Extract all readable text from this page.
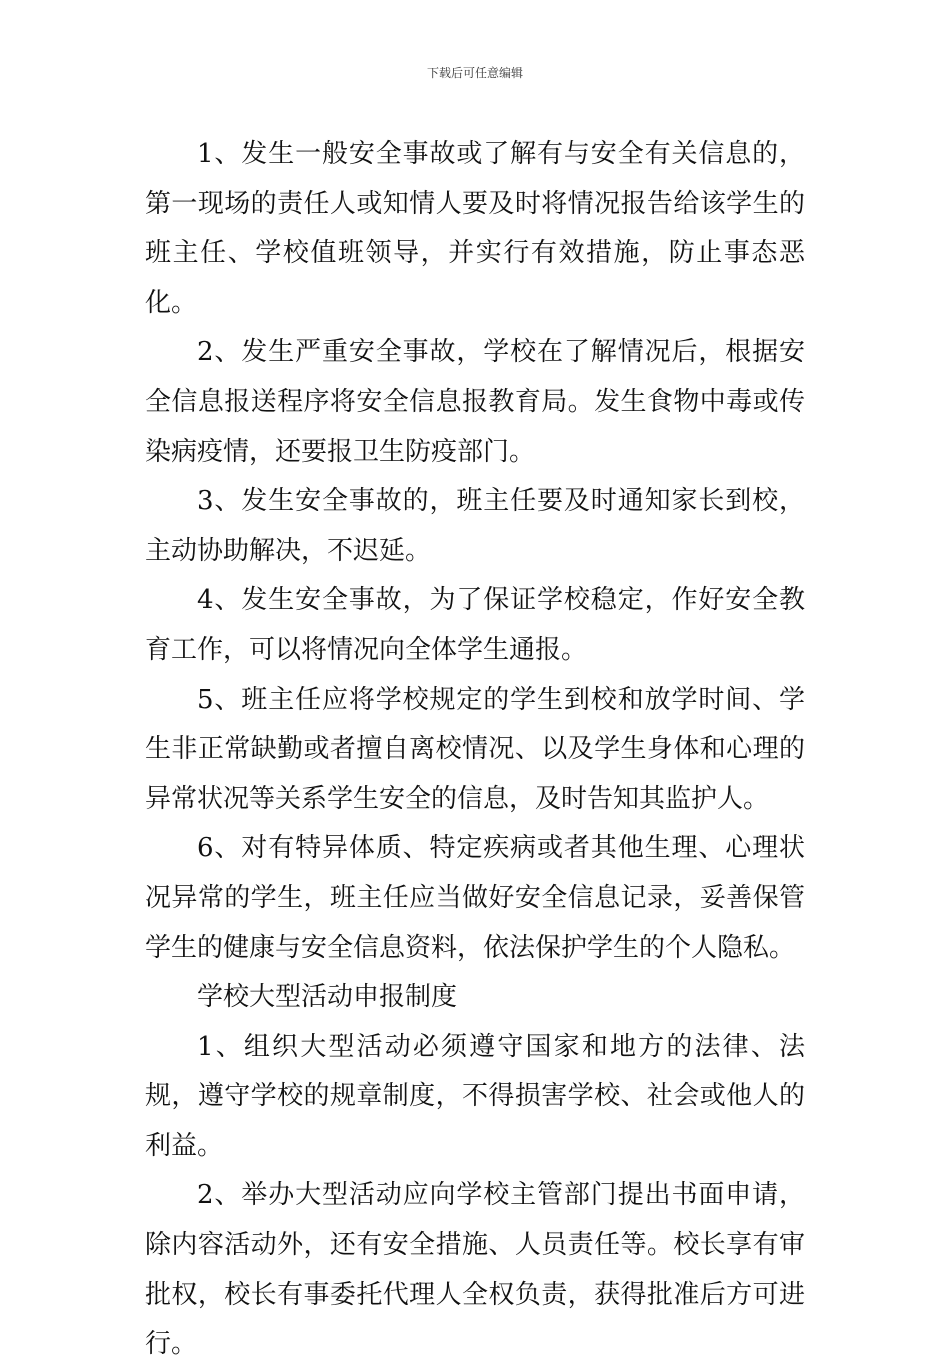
下载后可任意编辑

1、发生一般安全事故或了解有与安全有关信息的，第一现场的责任人或知情人要及时将情况报告给该学生的班主任、学校值班领导，并实行有效措施，防止事态恶化。

2、发生严重安全事故，学校在了解情况后，根据安全信息报送程序将安全信息报教育局。发生食物中毒或传染病疫情，还要报卫生防疫部门。

3、发生安全事故的，班主任要及时通知家长到校，主动协助解决，不迟延。

4、发生安全事故，为了保证学校稳定，作好安全教育工作，可以将情况向全体学生通报。

5、班主任应将学校规定的学生到校和放学时间、学生非正常缺勤或者擅自离校情况、以及学生身体和心理的异常状况等关系学生安全的信息，及时告知其监护人。

6、对有特异体质、特定疾病或者其他生理、心理状况异常的学生，班主任应当做好安全信息记录，妥善保管学生的健康与安全信息资料，依法保护学生的个人隐私。

学校大型活动申报制度

1、组织大型活动必须遵守国家和地方的法律、法规，遵守学校的规章制度，不得损害学校、社会或他人的利益。

2、举办大型活动应向学校主管部门提出书面申请，除内容活动外，还有安全措施、人员责任等。校长享有审批权，校长有事委托代理人全权负责，获得批准后方可进行。
